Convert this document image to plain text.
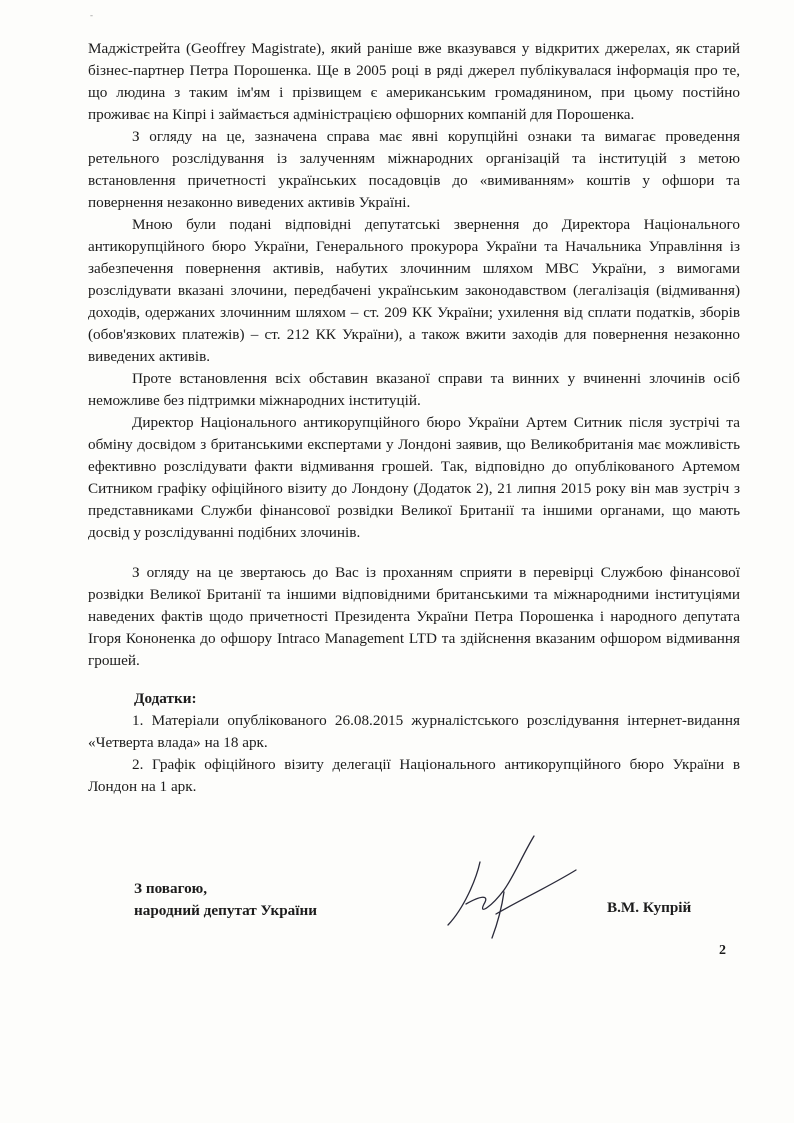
-

Маджістрейта (Geoffrey Magistrate), який раніше вже вказувався у відкритих джерелах, як старий бізнес-партнер Петра Порошенка. Ще в 2005 році в ряді джерел публікувалася інформація про те, що людина з таким ім'ям і прізвищем є американським громадянином, при цьому постійно проживає на Кіпрі і займається адміністрацією офшорних компаній для Порошенка.

З огляду на це, зазначена справа має явні корупційні ознаки та вимагає проведення ретельного розслідування із залученням міжнародних організацій та інституцій з метою встановлення причетності українських посадовців до «вимиванням» коштів у офшори та повернення незаконно виведених активів Україні.

Мною були подані відповідні депутатські звернення до Директора Національного антикорупційного бюро України, Генерального прокурора України та Начальника Управління із забезпечення повернення активів, набутих злочинним шляхом МВС України, з вимогами розслідувати вказані злочини, передбачені українським законодавством (легалізація (відмивання) доходів, одержаних злочинним шляхом – ст. 209 КК України; ухилення від сплати податків, зборів (обов'язкових платежів) – ст. 212 КК України), а також вжити заходів для повернення незаконно виведених активів.

Проте встановлення всіх обставин вказаної справи та винних у вчиненні злочинів осіб неможливе без підтримки міжнародних інституцій.

Директор Національного антикорупційного бюро України Артем Ситник після зустрічі та обміну досвідом з британськими експертами у Лондоні заявив, що Великобританія має можливість ефективно розслідувати факти відмивання грошей. Так, відповідно до опублікованого Артемом Ситником графіку офіційного візиту до Лондону (Додаток 2), 21 липня 2015 року він мав зустріч з представниками Служби фінансової розвідки Великої Британії та іншими органами, що мають досвід у розслідуванні подібних злочинів.

З огляду на це звертаюсь до Вас із проханням сприяти в перевірці Службою фінансової розвідки Великої Британії та іншими відповідними британськими та міжнародними інституціями наведених фактів щодо причетності Президента України Петра Порошенка і народного депутата Ігоря Кононенка до офшору Intraco Management LTD та здійснення вказаним офшором відмивання грошей.

Додатки:

1. Матеріали опублікованого 26.08.2015 журналістського розслідування інтернет-видання «Четверта влада» на 18 арк.

2. Графік офіційного візиту делегації Національного антикорупційного бюро України в Лондон на 1 арк.

З повагою,
народний депутат України	В.М. Купрій
2
